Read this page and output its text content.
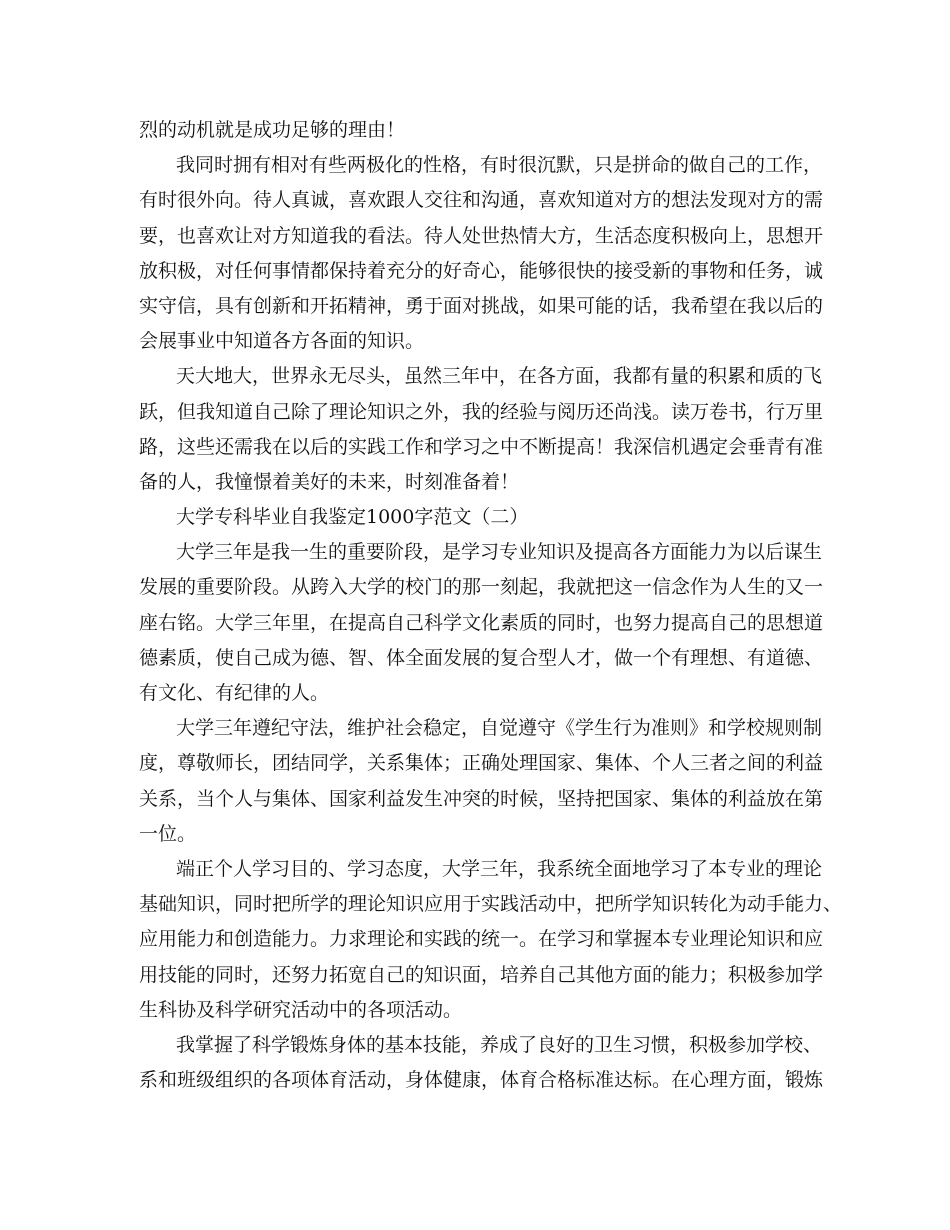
烈的动机就是成功足够的理由！
我同时拥有相对有些两极化的性格，有时很沉默，只是拼命的做自己的工作，
有时很外向。待人真诚，喜欢跟人交往和沟通，喜欢知道对方的想法发现对方的需
要，也喜欢让对方知道我的看法。待人处世热情大方，生活态度积极向上，思想开
放积极，对任何事情都保持着充分的好奇心，能够很快的接受新的事物和任务，诚
实守信，具有创新和开拓精神，勇于面对挑战，如果可能的话，我希望在我以后的
会展事业中知道各方各面的知识。
天大地大，世界永无尽头，虽然三年中，在各方面，我都有量的积累和质的飞
跃，但我知道自己除了理论知识之外，我的经验与阅历还尚浅。读万卷书，行万里
路，这些还需我在以后的实践工作和学习之中不断提高！我深信机遇定会垂青有准
备的人，我憧憬着美好的未来，时刻准备着！
大学专科毕业自我鉴定1000字范文（二）
大学三年是我一生的重要阶段，是学习专业知识及提高各方面能力为以后谋生
发展的重要阶段。从跨入大学的校门的那一刻起，我就把这一信念作为人生的又一
座右铭。大学三年里，在提高自己科学文化素质的同时，也努力提高自己的思想道
德素质，使自己成为德、智、体全面发展的复合型人才，做一个有理想、有道德、
有文化、有纪律的人。
大学三年遵纪守法，维护社会稳定，自觉遵守《学生行为准则》和学校规则制
度，尊敬师长，团结同学，关系集体；正确处理国家、集体、个人三者之间的利益
关系，当个人与集体、国家利益发生冲突的时候，坚持把国家、集体的利益放在第
一位。
端正个人学习目的、学习态度，大学三年，我系统全面地学习了本专业的理论
基础知识，同时把所学的理论知识应用于实践活动中，把所学知识转化为动手能力、
应用能力和创造能力。力求理论和实践的统一。在学习和掌握本专业理论知识和应
用技能的同时，还努力拓宽自己的知识面，培养自己其他方面的能力；积极参加学
生科协及科学研究活动中的各项活动。
我掌握了科学锻炼身体的基本技能，养成了良好的卫生习惯，积极参加学校、
系和班级组织的各项体育活动，身体健康，体育合格标准达标。在心理方面，锻炼
